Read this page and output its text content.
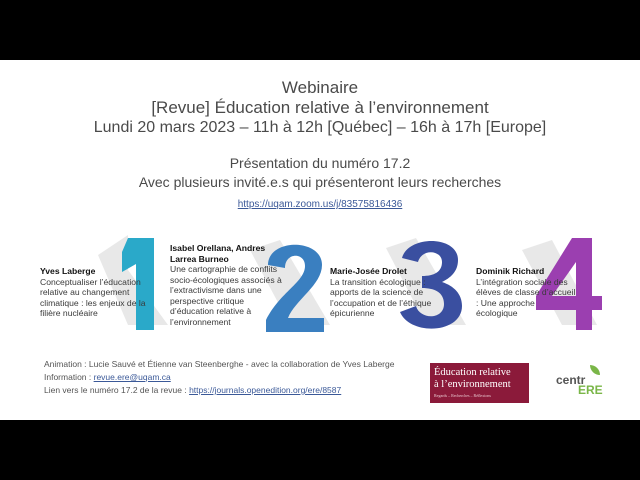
Webinaire
[Revue] Éducation relative à l’environnement
Lundi 20 mars 2023 – 11h à 12h [Québec] – 16h à 17h [Europe]
Présentation du numéro 17.2
Avec plusieurs invité.e.s qui présenteront leurs recherches
https://uqam.zoom.us/j/83575816436
Yves Laberge
Conceptualiser l’éducation relative au changement climatique : les enjeux de la filière nucléaire
Isabel Orellana, Andres Larrea Burneo
Une cartographie de conflits socio-écologiques associés à l’extractivisme dans une perspective critique d’éducation relative à l’environnement
Marie-Josée Drolet
La transition écologique : apports de la science de l’occupation et de l’éthique épicurienne
Dominik Richard
L’intégration sociale des élèves de classe d’accueil : Une approche écologique
Animation : Lucie Sauvé et Étienne van Steenberghe - avec la collaboration de Yves Laberge
Information : revue.ere@uqam.ca
Lien vers le numéro 17.2 de la revue : https://journals.openedition.org/ere/8587
Éducation relative
à l’environnement
Regards – Recherches – Réflexions
centr
ERE
